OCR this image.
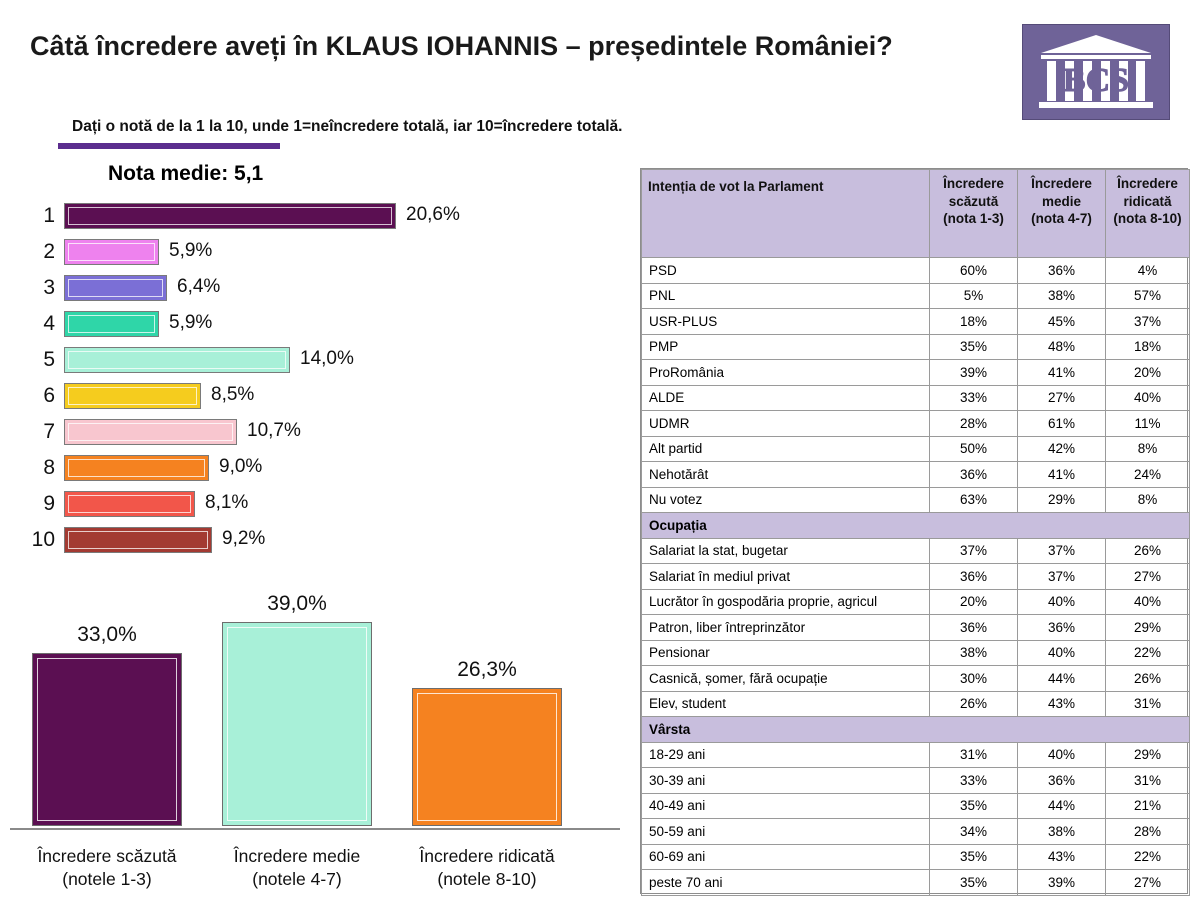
Câtă încredere aveți în KLAUS IOHANNIS – președintele României?
Dați o notă de la 1 la 10, unde 1=neîncredere totală, iar 10=încredere totală.
BCS
Nota medie: 5,1
1	20,6%
2	5,9%
3	6,4%
4	5,9%
5	14,0%
6	8,5%
7	10,7%
8	9,0%
9	8,1%
10	9,2%
33,0%
Încredere scăzută
(notele 1-3)
39,0%
Încredere medie
(notele 4-7)
26,3%
Încredere ridicată
(notele 8-10)
Intenția de vot la Parlament	Încredere
scăzută
(nota 1-3)

Încredere
medie
(nota 4-7)

Încredere
ridicată
(nota 8-10)

PSD	60%	36%	4%
PNL	5%	38%	57%
USR-PLUS	18%	45%	37%
PMP	35%	48%	18%
ProRomânia	39%	41%	20%
ALDE	33%	27%	40%
UDMR	28%	61%	11%
Alt partid	50%	42%	8%
Nehotărât	36%	41%	24%
Nu votez	63%	29%	8%
Ocupația			
Salariat la stat, bugetar	37%	37%	26%
Salariat în mediul privat	36%	37%	27%
Lucrător în gospodăria proprie, agricul	20%	40%	40%
Patron, liber întreprinzător	36%	36%	29%
Pensionar	38%	40%	22%
Casnică, șomer, fără ocupație	30%	44%	26%
Elev, student	26%	43%	31%
Vârsta			
18-29 ani	31%	40%	29%
30-39 ani	33%	36%	31%
40-49 ani	35%	44%	21%
50-59 ani	34%	38%	28%
60-69 ani	35%	43%	22%
peste 70 ani	35%	39%	27%
